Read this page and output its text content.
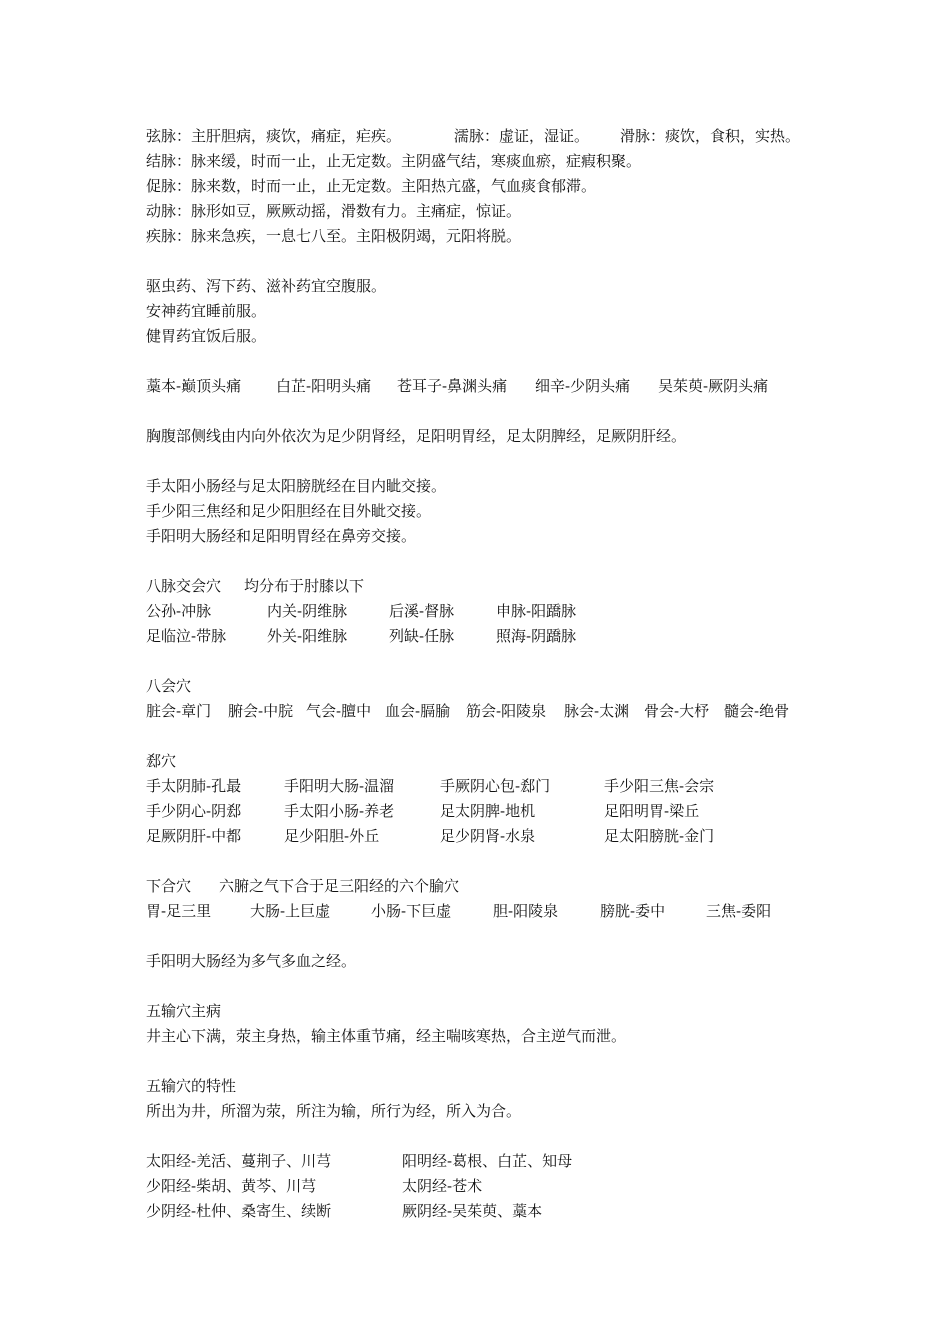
弦脉：主肝胆病，痰饮，痛症，疟疾。	濡脉：虚证，湿证。 滑脉：痰饮，食积，实热。
结脉：脉来缓，时而一止，止无定数。主阴盛气结，寒痰血瘀，症瘕积聚。
促脉：脉来数，时而一止，止无定数。主阳热亢盛，气血痰食郁滞。
动脉：脉形如豆，厥厥动摇，滑数有力。主痛症，惊证。
疾脉：脉来急疾，一息七八至。主阳极阴竭，元阳将脱。
驱虫药、泻下药、滋补药宜空腹服。
安神药宜睡前服。
健胃药宜饭后服。
藁本-巅顶头痛 白芷-阳明头痛 苍耳子-鼻渊头痛 细辛-少阴头痛 吴茱萸-厥阴头痛
胸腹部侧线由内向外依次为足少阴肾经，足阳明胃经，足太阴脾经，足厥阴肝经。
手太阳小肠经与足太阳膀胱经在目内眦交接。
手少阳三焦经和足少阳胆经在目外眦交接。
手阳明大肠经和足阳明胃经在鼻旁交接。
八脉交会穴 均分布于肘膝以下
公孙-冲脉	内关-阴维脉	后溪-督脉	申脉-阳蹻脉
足临泣-带脉	外关-阳维脉	列缺-任脉	照海-阴蹻脉
八会穴
脏会-章门 腑会-中脘 气会-膻中 血会-膈腧 筋会-阳陵泉 脉会-太渊 骨会-大杼 髓会-绝骨
郄穴
手太阴肺-孔最	手阳明大肠-温溜	手厥阴心包-郄门	手少阳三焦-会宗
手少阴心-阴郄	手太阳小肠-养老	足太阴脾-地机	足阳明胃-梁丘
足厥阴肝-中都	足少阳胆-外丘	足少阴肾-水泉	足太阳膀胱-金门
下合穴 六腑之气下合于足三阳经的六个腧穴
胃-足三里	大肠-上巨虚	小肠-下巨虚	胆-阳陵泉	膀胱-委中	三焦-委阳
手阳明大肠经为多气多血之经。
五输穴主病
井主心下满，荥主身热，输主体重节痛，经主喘咳寒热，合主逆气而泄。
五输穴的特性
所出为井，所溜为荥，所注为输，所行为经，所入为合。
太阳经-羌活、蔓荆子、川芎	阳明经-葛根、白芷、知母
少阳经-柴胡、黄芩、川芎	太阴经-苍术
少阴经-杜仲、桑寄生、续断	厥阴经-吴茱萸、藁本
